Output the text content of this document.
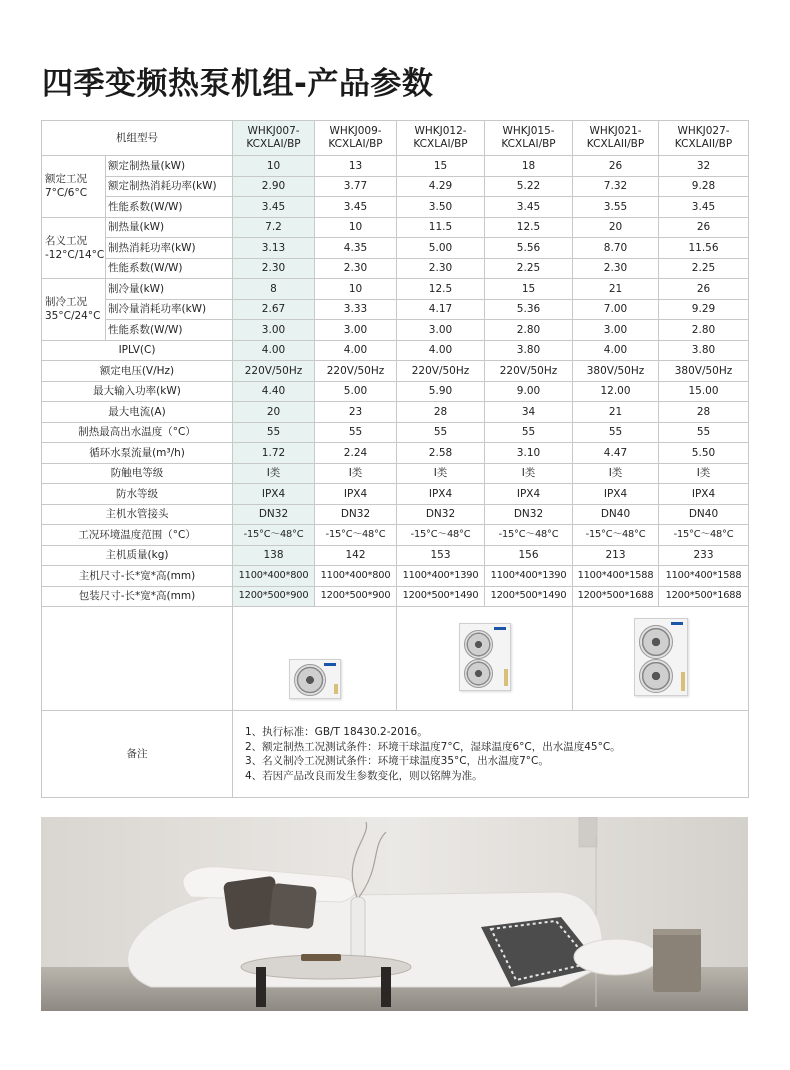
四季变频热泵机组-产品参数
机组型号		WHKJ007-
KCXLAI/BP	WHKJ009-
KCXLAI/BP	WHKJ012-
KCXLAI/BP	WHKJ015-
KCXLAI/BP	WHKJ021-
KCXLAII/BP	WHKJ027-
KCXLAII/BP
额定工况
7°C/6°C	额定制热量(kW)	10	13	15	18	26	32
	额定制热消耗功率(kW)	2.90	3.77	4.29	5.22	7.32	9.28
	性能系数(W/W)	3.45	3.45	3.50	3.45	3.55	3.45
名义工况
-12°C/14°C	制热量(kW)	7.2	10	11.5	12.5	20	26
	制热消耗功率(kW)	3.13	4.35	5.00	5.56	8.70	11.56
	性能系数(W/W)	2.30	2.30	2.30	2.25	2.30	2.25
制冷工况
35°C/24°C	制冷量(kW)	8	10	12.5	15	21	26
	制冷量消耗功率(kW)	2.67	3.33	4.17	5.36	7.00	9.29
	性能系数(W/W)	3.00	3.00	3.00	2.80	3.00	2.80
IPLV(C)		4.00	4.00	4.00	3.80	4.00	3.80
额定电压(V/Hz)		220V/50Hz	220V/50Hz	220V/50Hz	220V/50Hz	380V/50Hz	380V/50Hz
最大输入功率(kW)		4.40	5.00	5.90	9.00	12.00	15.00
最大电流(A)		20	23	28	34	21	28
制热最高出水温度（°C）		55	55	55	55	55	55
循环水泵流量(m³/h)		1.72	2.24	2.58	3.10	4.47	5.50
防触电等级		I类	I类	I类	I类	I类	I类
防水等级		IPX4	IPX4	IPX4	IPX4	IPX4	IPX4
主机水管接头		DN32	DN32	DN32	DN32	DN40	DN40
工况环境温度范围（°C）		-15°C～48°C	-15°C～48°C	-15°C～48°C	-15°C～48°C	-15°C～48°C	-15°C～48°C
主机质量(kg)		138	142	153	156	213	233
主机尺寸-长*宽*高(mm)		1100*400*800	1100*400*800	1100*400*1390	1100*400*1390	1100*400*1588	1100*400*1588
包装尺寸-长*宽*高(mm)		1200*500*900	1200*500*900	1200*500*1490	1200*500*1490	1200*500*1688	1200*500*1688

备注		1、执行标准：GB/T 18430.2-2016。
2、额定制热工况测试条件：环境干球温度7°C，湿球温度6°C，出水温度45°C。
3、名义制冷工况测试条件：环境干球温度35°C，出水温度7°C。
4、若因产品改良而发生参数变化，则以铭牌为准。					
